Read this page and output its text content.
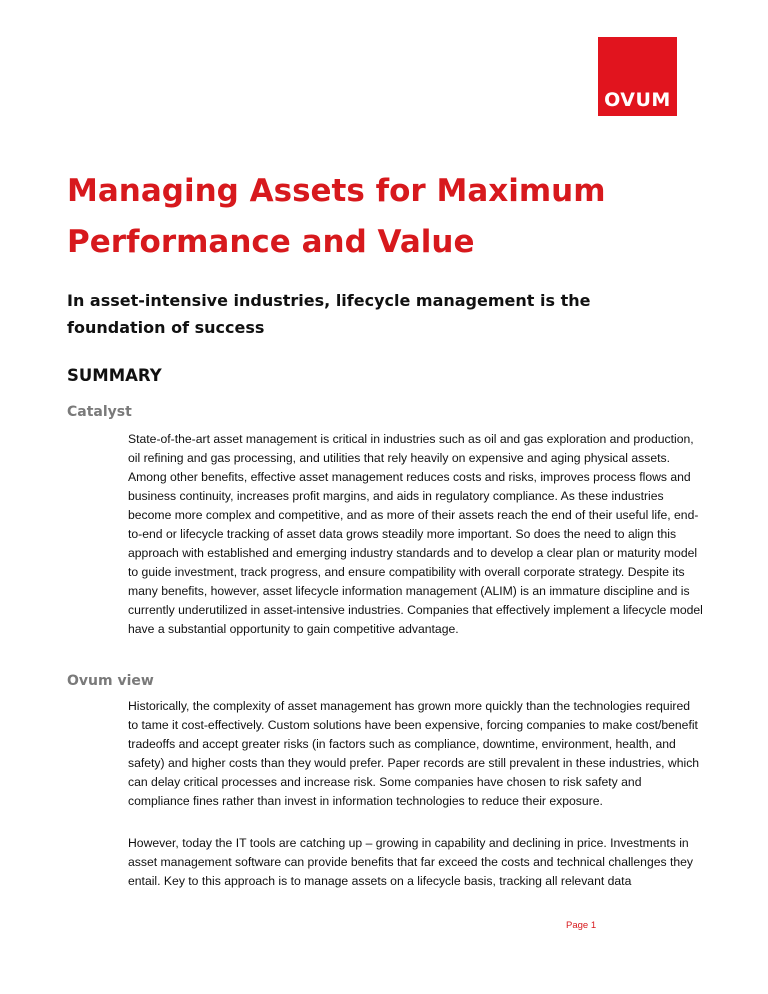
OVUM
Managing Assets for Maximum Performance and Value
In asset-intensive industries, lifecycle management is the foundation of success
SUMMARY
Catalyst

State-of-the-art asset management is critical in industries such as oil and gas exploration and production, oil refining and gas processing, and utilities that rely heavily on expensive and aging physical assets. Among other benefits, effective asset management reduces costs and risks, improves process flows and business continuity, increases profit margins, and aids in regulatory compliance. As these industries become more complex and competitive, and as more of their assets reach the end of their useful life, end-to-end or lifecycle tracking of asset data grows steadily more important. So does the need to align this approach with established and emerging industry standards and to develop a clear plan or maturity model to guide investment, track progress, and ensure compatibility with overall corporate strategy. Despite its many benefits, however, asset lifecycle information management (ALIM) is an immature discipline and is currently underutilized in asset-intensive industries. Companies that effectively implement a lifecycle model have a substantial opportunity to gain competitive advantage.

Ovum view

Historically, the complexity of asset management has grown more quickly than the technologies required to tame it cost-effectively. Custom solutions have been expensive, forcing companies to make cost/benefit tradeoffs and accept greater risks (in factors such as compliance, downtime, environment, health, and safety) and higher costs than they would prefer. Paper records are still prevalent in these industries, which can delay critical processes and increase risk. Some companies have chosen to risk safety and compliance fines rather than invest in information technologies to reduce their exposure.

However, today the IT tools are catching up – growing in capability and declining in price. Investments in asset management software can provide benefits that far exceed the costs and technical challenges they entail. Key to this approach is to manage assets on a lifecycle basis, tracking all relevant data

Page 1
